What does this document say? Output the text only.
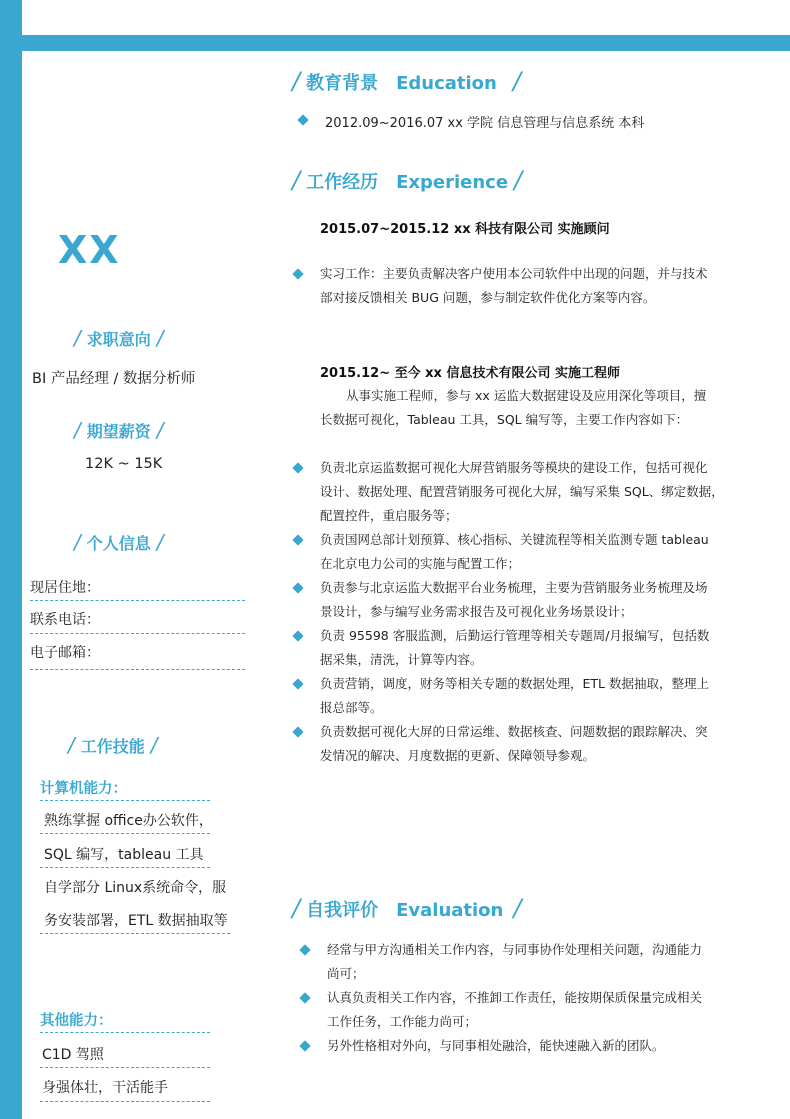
XX
/ 求职意向 /
BI 产品经理 / 数据分析师
/ 期望薪资 /
12K ~ 15K
/ 个人信息 /
现居住地：
联系电话：
电子邮箱：
/ 工作技能 /
计算机能力：
熟练掌握 office办公软件，
SQL 编写，tableau 工具
自学部分 Linux系统命令，服
务安装部署，ETL 数据抽取等
其他能力：
C1D 驾照
身强体壮，干活能手
/ 教育背景 Education /
2012.09~2016.07 xx 学院 信息管理与信息系统 本科
/ 工作经历 Experience /
2015.07~2015.12 xx 科技有限公司 实施顾问
实习工作：主要负责解决客户使用本公司软件中出现的问题，并与技术
部对接反馈相关 BUG 问题，参与制定软件优化方案等内容。
2015.12~ 至今 xx 信息技术有限公司 实施工程师
从事实施工程师，参与 xx 运监大数据建设及应用深化等项目，擅
长数据可视化，Tableau 工具，SQL 编写等，主要工作内容如下：
负责北京运监数据可视化大屏营销服务等模块的建设工作，包括可视化
设计、数据处理、配置营销服务可视化大屏，编写采集 SQL、绑定数据，
配置控件，重启服务等；
负责国网总部计划预算、核心指标、关键流程等相关监测专题 tableau
在北京电力公司的实施与配置工作；
负责参与北京运监大数据平台业务梳理，主要为营销服务业务梳理及场
景设计，参与编写业务需求报告及可视化业务场景设计；
负责 95598 客服监测，后勤运行管理等相关专题周/月报编写，包括数
据采集，清洗，计算等内容。
负责营销，调度，财务等相关专题的数据处理，ETL 数据抽取，整理上
报总部等。
负责数据可视化大屏的日常运维、数据核查、问题数据的跟踪解决、突
发情况的解决、月度数据的更新、保障领导参观。
/ 自我评价 Evaluation /
经常与甲方沟通相关工作内容，与同事协作处理相关问题，沟通能力
尚可；
认真负责相关工作内容，不推卸工作责任，能按期保质保量完成相关
工作任务，工作能力尚可；
另外性格相对外向，与同事相处融洽，能快速融入新的团队。
